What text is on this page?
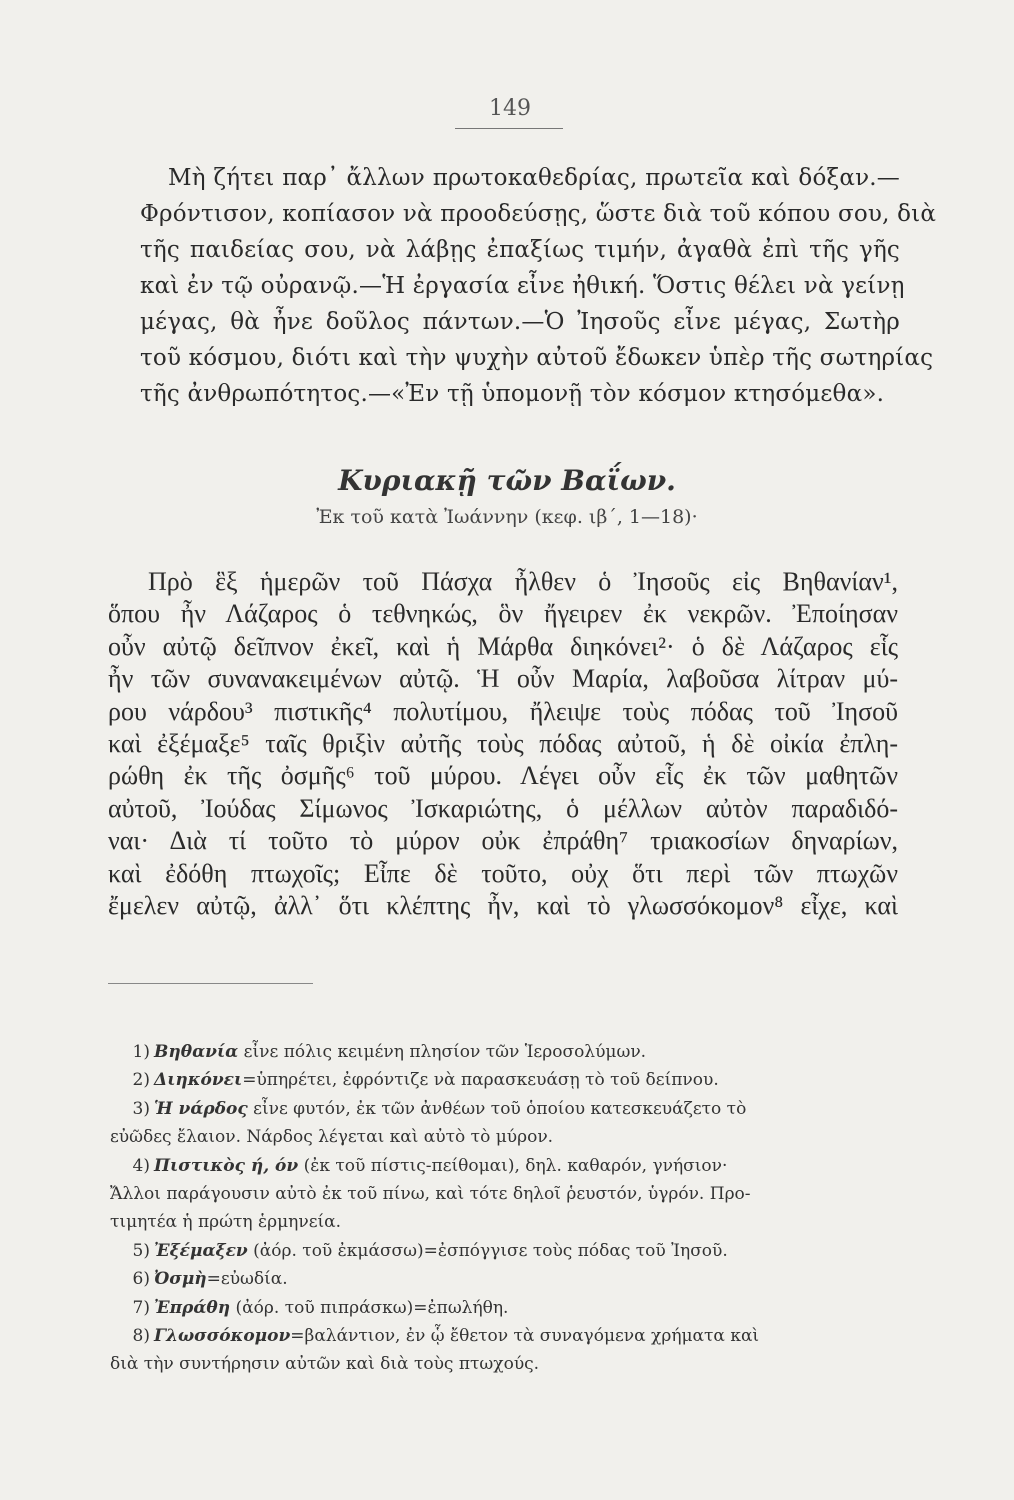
149
Μὴ ζήτει παρ᾽ ἄλλων πρωτοκαθεδρίας, πρωτεῖα καὶ δόξαν.—
Φρόντισον, κοπίασον νὰ προοδεύσῃς, ὥστε διὰ τοῦ κόπου σου, διὰ
τῆς παιδείας σου, νὰ λάβῃς ἐπαξίως τιμήν, ἀγαθὰ ἐπὶ τῆς γῆς
καὶ ἐν τῷ οὐρανῷ.—Ἡ ἐργασία εἶνε ἠθική. Ὅστις θέλει νὰ γείνῃ
μέγας, θὰ ἦνε δοῦλος πάντων.—Ὁ Ἰησοῦς εἶνε μέγας, Σωτὴρ
τοῦ κόσμου, διότι καὶ τὴν ψυχὴν αὐτοῦ ἔδωκεν ὑπὲρ τῆς σωτηρίας
τῆς ἀνθρωπότητος.—«Ἐν τῇ ὑπομονῇ τὸν κόσμον κτησόμεθα».
Κυριακῇ τῶν Βαΐων.
Ἐκ τοῦ κατὰ Ἰωάννην (κεφ. ιβ΄, 1—18)·
Πρὸ ἓξ ἡμερῶν τοῦ Πάσχα ἦλθεν ὁ Ἰησοῦς εἰς Βηθανίαν¹,
ὅπου ἦν Λάζαρος ὁ τεθνηκώς, ὃν ἤγειρεν ἐκ νεκρῶν. Ἐποίησαν
οὖν αὐτῷ δεῖπνον ἐκεῖ, καὶ ἡ Μάρθα διηκόνει²· ὁ δὲ Λάζαρος εἷς
ἦν τῶν συνανακειμένων αὐτῷ. Ἡ οὖν Μαρία, λαβοῦσα λίτραν μύ-
ρου νάρδου³ πιστικῆς⁴ πολυτίμου, ἤλειψε τοὺς πόδας τοῦ Ἰησοῦ
καὶ ἐξέμαξε⁵ ταῖς θριξὶν αὐτῆς τοὺς πόδας αὐτοῦ, ἡ δὲ οἰκία ἐπλη-
ρώθη ἐκ τῆς ὀσμῆς⁶ τοῦ μύρου. Λέγει οὖν εἷς ἐκ τῶν μαθητῶν
αὐτοῦ, Ἰούδας Σίμωνος Ἰσκαριώτης, ὁ μέλλων αὐτὸν παραδιδό-
ναι· Διὰ τί τοῦτο τὸ μύρον οὐκ ἐπράθη⁷ τριακοσίων δηναρίων,
καὶ ἐδόθη πτωχοῖς; Εἶπε δὲ τοῦτο, οὐχ ὅτι περὶ τῶν πτωχῶν
ἔμελεν αὐτῷ, ἀλλ᾽ ὅτι κλέπτης ἦν, καὶ τὸ γλωσσόκομον⁸ εἶχε, καὶ
1) Βηθανία εἶνε πόλις κειμένη πλησίον τῶν Ἱεροσολύμων.
2) Διηκόνει=ὑπηρέτει, ἐφρόντιζε νὰ παρασκευάσῃ τὸ τοῦ δείπνου.
3) Ἡ νάρδος εἶνε φυτόν, ἐκ τῶν ἀνθέων τοῦ ὁποίου κατεσκευάζετο τὸ
εὐῶδες ἔλαιον. Νάρδος λέγεται καὶ αὐτὸ τὸ μύρον.
4) Πιστικὸς ή, όν (ἐκ τοῦ πίστις-πείθομαι), δηλ. καθαρόν, γνήσιον·
Ἄλλοι παράγουσιν αὐτὸ ἐκ τοῦ πίνω, καὶ τότε δηλοῖ ῥευστόν, ὑγρόν. Προ-
τιμητέα ἡ πρώτη ἑρμηνεία.
5) Ἐξέμαξεν (ἀόρ. τοῦ ἐκμάσσω)=ἐσπόγγισε τοὺς πόδας τοῦ Ἰησοῦ.
6) Ὀσμὴ=εὐωδία.
7) Ἐπράθη (ἀόρ. τοῦ πιπράσκω)=ἐπωλήθη.
8) Γλωσσόκομον=βαλάντιον, ἐν ᾧ ἔθετον τὰ συναγόμενα χρήματα καὶ
διὰ τὴν συντήρησιν αὐτῶν καὶ διὰ τοὺς πτωχούς.
